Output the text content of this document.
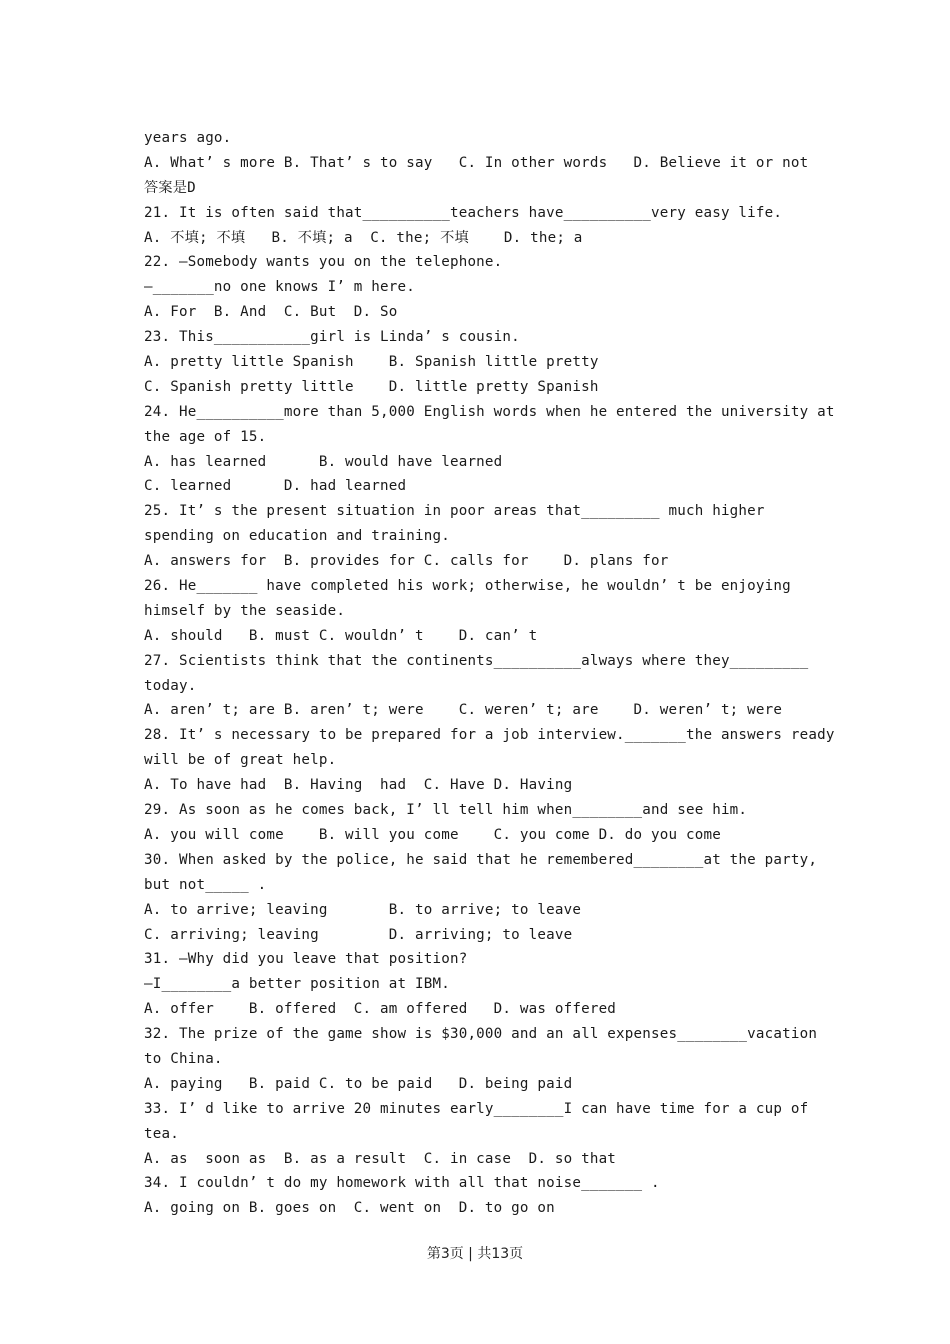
years ago.
A. What’ s more B. That’ s to say   C. In other words   D. Believe it or not
答案是D
21. It is often said that__________teachers have__________very easy life.
A. 不填; 不填   B. 不填; a  C. the; 不填    D. the; a
22. —Somebody wants you on the telephone.
—_______no one knows I’ m here.
A. For  B. And  C. But  D. So
23. This___________girl is Linda’ s cousin.
A. pretty little Spanish    B. Spanish little pretty
C. Spanish pretty little    D. little pretty Spanish
24. He__________more than 5,000 English words when he entered the university at
the age of 15.
A. has learned      B. would have learned
C. learned      D. had learned
25. It’ s the present situation in poor areas that_________ much higher
spending on education and training.
A. answers for  B. provides for C. calls for    D. plans for
26. He_______ have completed his work; otherwise, he wouldn’ t be enjoying
himself by the seaside.
A. should   B. must C. wouldn’ t    D. can’ t
27. Scientists think that the continents__________always where they_________
today.
A. aren’ t; are B. aren’ t; were    C. weren’ t; are    D. weren’ t; were
28. It’ s necessary to be prepared for a job interview._______the answers ready
will be of great help.
A. To have had  B. Having  had  C. Have D. Having
29. As soon as he comes back, I’ ll tell him when________and see him.
A. you will come    B. will you come    C. you come D. do you come
30. When asked by the police, he said that he remembered________at the party,
but not_____ .
A. to arrive; leaving       B. to arrive; to leave
C. arriving; leaving        D. arriving; to leave
31. —Why did you leave that position?
—I________a better position at IBM.
A. offer    B. offered  C. am offered   D. was offered
32. The prize of the game show is $30,000 and an all expenses________vacation
to China.
A. paying   B. paid C. to be paid   D. being paid
33. I’ d like to arrive 20 minutes early________I can have time for a cup of
tea.
A. as  soon as  B. as a result  C. in case  D. so that
34. I couldn’ t do my homework with all that noise_______ .
A. going on B. goes on  C. went on  D. to go on
第3页 | 共13页
